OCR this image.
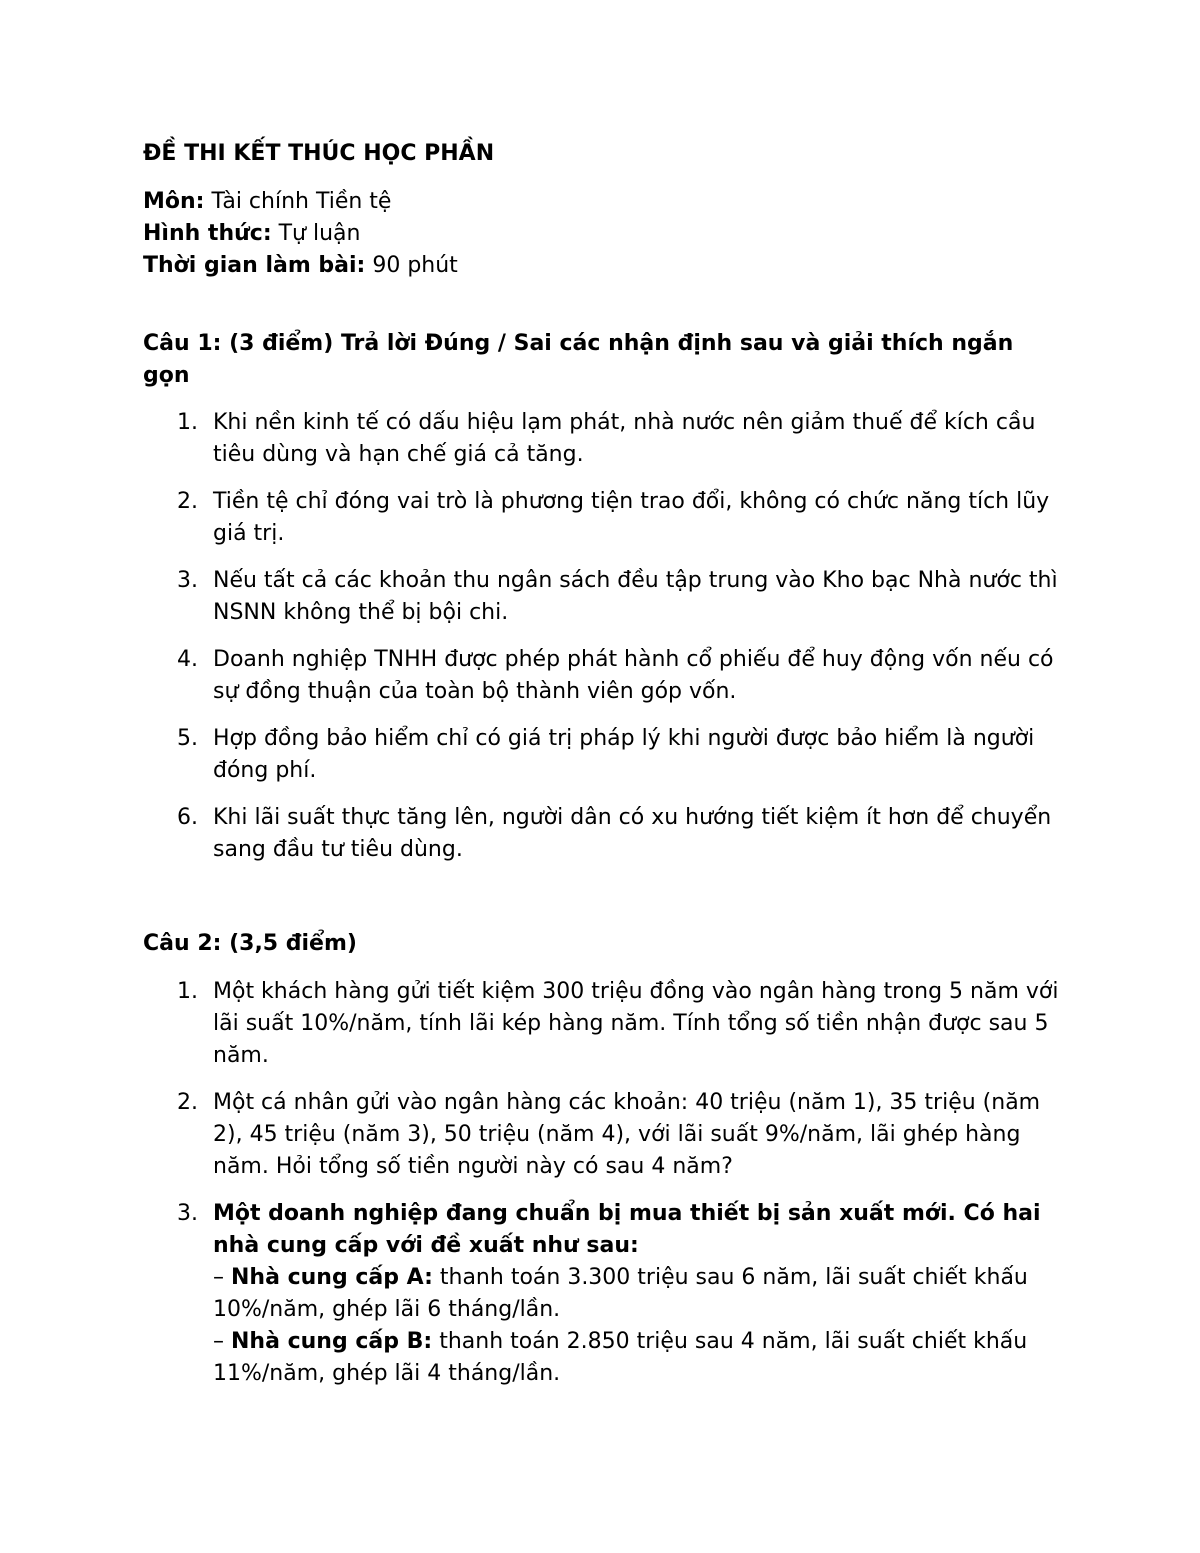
ĐỀ THI KẾT THÚC HỌC PHẦN

Môn: Tài chính Tiền tệ

Hình thức: Tự luận

Thời gian làm bài: 90 phút

Câu 1: (3 điểm) Trả lời Đúng / Sai các nhận định sau và giải thích ngắn gọn

1. Khi nền kinh tế có dấu hiệu lạm phát, nhà nước nên giảm thuế để kích cầu tiêu dùng và hạn chế giá cả tăng.
2. Tiền tệ chỉ đóng vai trò là phương tiện trao đổi, không có chức năng tích lũy giá trị.
3. Nếu tất cả các khoản thu ngân sách đều tập trung vào Kho bạc Nhà nước thì NSNN không thể bị bội chi.
4. Doanh nghiệp TNHH được phép phát hành cổ phiếu để huy động vốn nếu có sự đồng thuận của toàn bộ thành viên góp vốn.
5. Hợp đồng bảo hiểm chỉ có giá trị pháp lý khi người được bảo hiểm là người đóng phí.
6. Khi lãi suất thực tăng lên, người dân có xu hướng tiết kiệm ít hơn để chuyển sang đầu tư tiêu dùng.

Câu 2: (3,5 điểm)

1. Một khách hàng gửi tiết kiệm 300 triệu đồng vào ngân hàng trong 5 năm với lãi suất 10%/năm, tính lãi kép hàng năm. Tính tổng số tiền nhận được sau 5 năm.
2. Một cá nhân gửi vào ngân hàng các khoản: 40 triệu (năm 1), 35 triệu (năm 2), 45 triệu (năm 3), 50 triệu (năm 4), với lãi suất 9%/năm, lãi ghép hàng năm. Hỏi tổng số tiền người này có sau 4 năm?
3. Một doanh nghiệp đang chuẩn bị mua thiết bị sản xuất mới. Có hai nhà cung cấp với đề xuất như sau:
– Nhà cung cấp A: thanh toán 3.300 triệu sau 6 năm, lãi suất chiết khấu 10%/năm, ghép lãi 6 tháng/lần.
– Nhà cung cấp B: thanh toán 2.850 triệu sau 4 năm, lãi suất chiết khấu 11%/năm, ghép lãi 4 tháng/lần.
